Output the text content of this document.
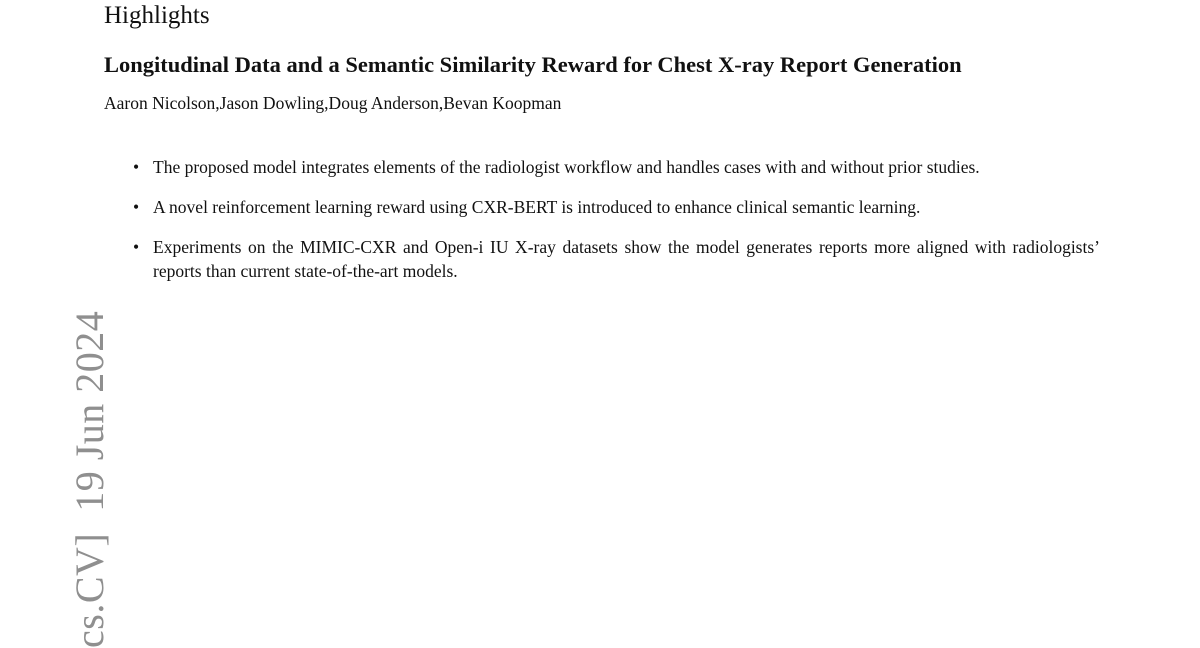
Highlights
Longitudinal Data and a Semantic Similarity Reward for Chest X-ray Report Generation

Aaron Nicolson,Jason Dowling,Doug Anderson,Bevan Koopman

• The proposed model integrates elements of the radiologist workflow and handles cases with and without prior studies.
• A novel reinforcement learning reward using CXR-BERT is introduced to enhance clinical semantic learning.
• Experiments on the MIMIC-CXR and Open-i IU X-ray datasets show the model generates reports more aligned with radiologists’ reports than current state-of-the-art models.
cs.CV]  19 Jun 2024
